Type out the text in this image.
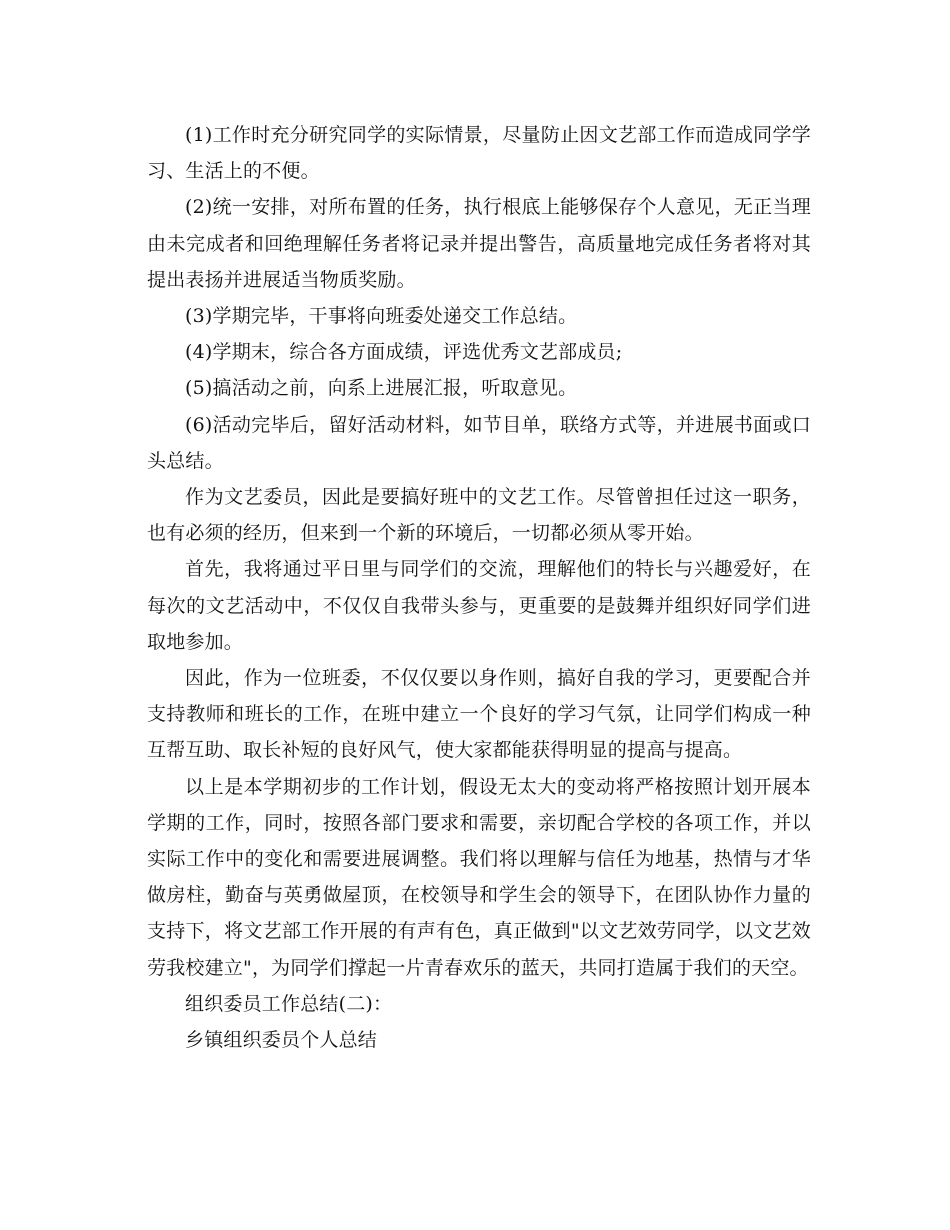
(1)工作时充分研究同学的实际情景，尽量防止因文艺部工作而造成同学学习、生活上的不便。

(2)统一安排，对所布置的任务，执行根底上能够保存个人意见，无正当理由未完成者和回绝理解任务者将记录并提出警告，高质量地完成任务者将对其提出表扬并进展适当物质奖励。

(3)学期完毕，干事将向班委处递交工作总结。

(4)学期末，综合各方面成绩，评选优秀文艺部成员;

(5)搞活动之前，向系上进展汇报，听取意见。

(6)活动完毕后，留好活动材料，如节目单，联络方式等，并进展书面或口头总结。

作为文艺委员，因此是要搞好班中的文艺工作。尽管曾担任过这一职务，也有必须的经历，但来到一个新的环境后，一切都必须从零开始。

首先，我将通过平日里与同学们的交流，理解他们的特长与兴趣爱好，在每次的文艺活动中，不仅仅自我带头参与，更重要的是鼓舞并组织好同学们进取地参加。

因此，作为一位班委，不仅仅要以身作则，搞好自我的学习，更要配合并支持教师和班长的工作，在班中建立一个良好的学习气氛，让同学们构成一种互帮互助、取长补短的良好风气，使大家都能获得明显的提高与提高。

以上是本学期初步的工作计划，假设无太大的变动将严格按照计划开展本学期的工作，同时，按照各部门要求和需要，亲切配合学校的各项工作，并以实际工作中的变化和需要进展调整。我们将以理解与信任为地基，热情与才华做房柱，勤奋与英勇做屋顶，在校领导和学生会的领导下，在团队协作力量的支持下，将文艺部工作开展的有声有色，真正做到"以文艺效劳同学，以文艺效劳我校建立"，为同学们撑起一片青春欢乐的蓝天，共同打造属于我们的天空。

组织委员工作总结(二)：

乡镇组织委员个人总结
